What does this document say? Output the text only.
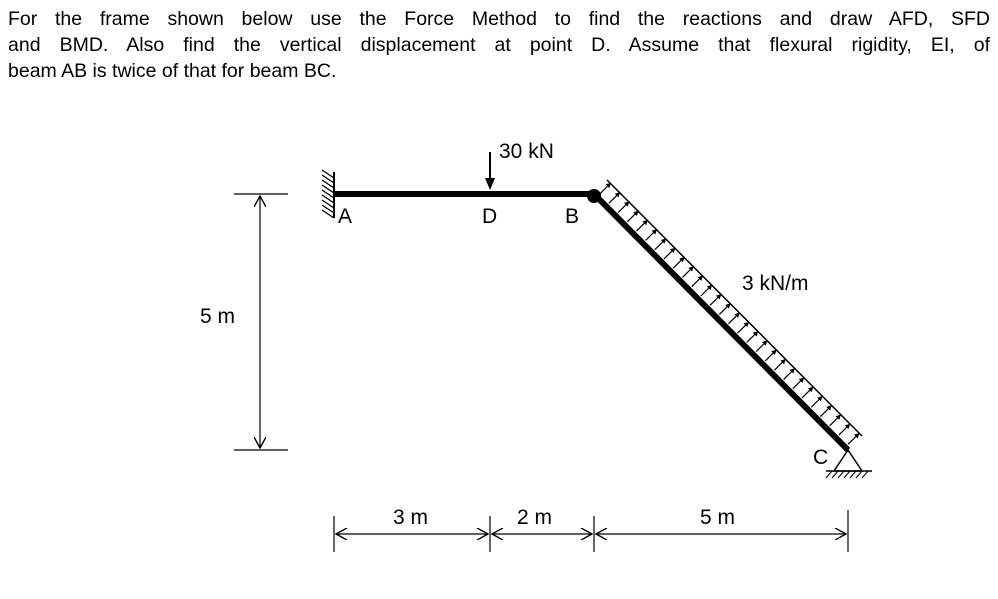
For the frame shown below use the Force Method to find the reactions and draw AFD, SFD
and BMD. Also find the vertical displacement at point D. Assume that flexural rigidity, EI, of
beam AB is twice of that for beam BC.
A	D	B
C
30 kN
3 kN/m
5 m
3 m	2 m	5 m
